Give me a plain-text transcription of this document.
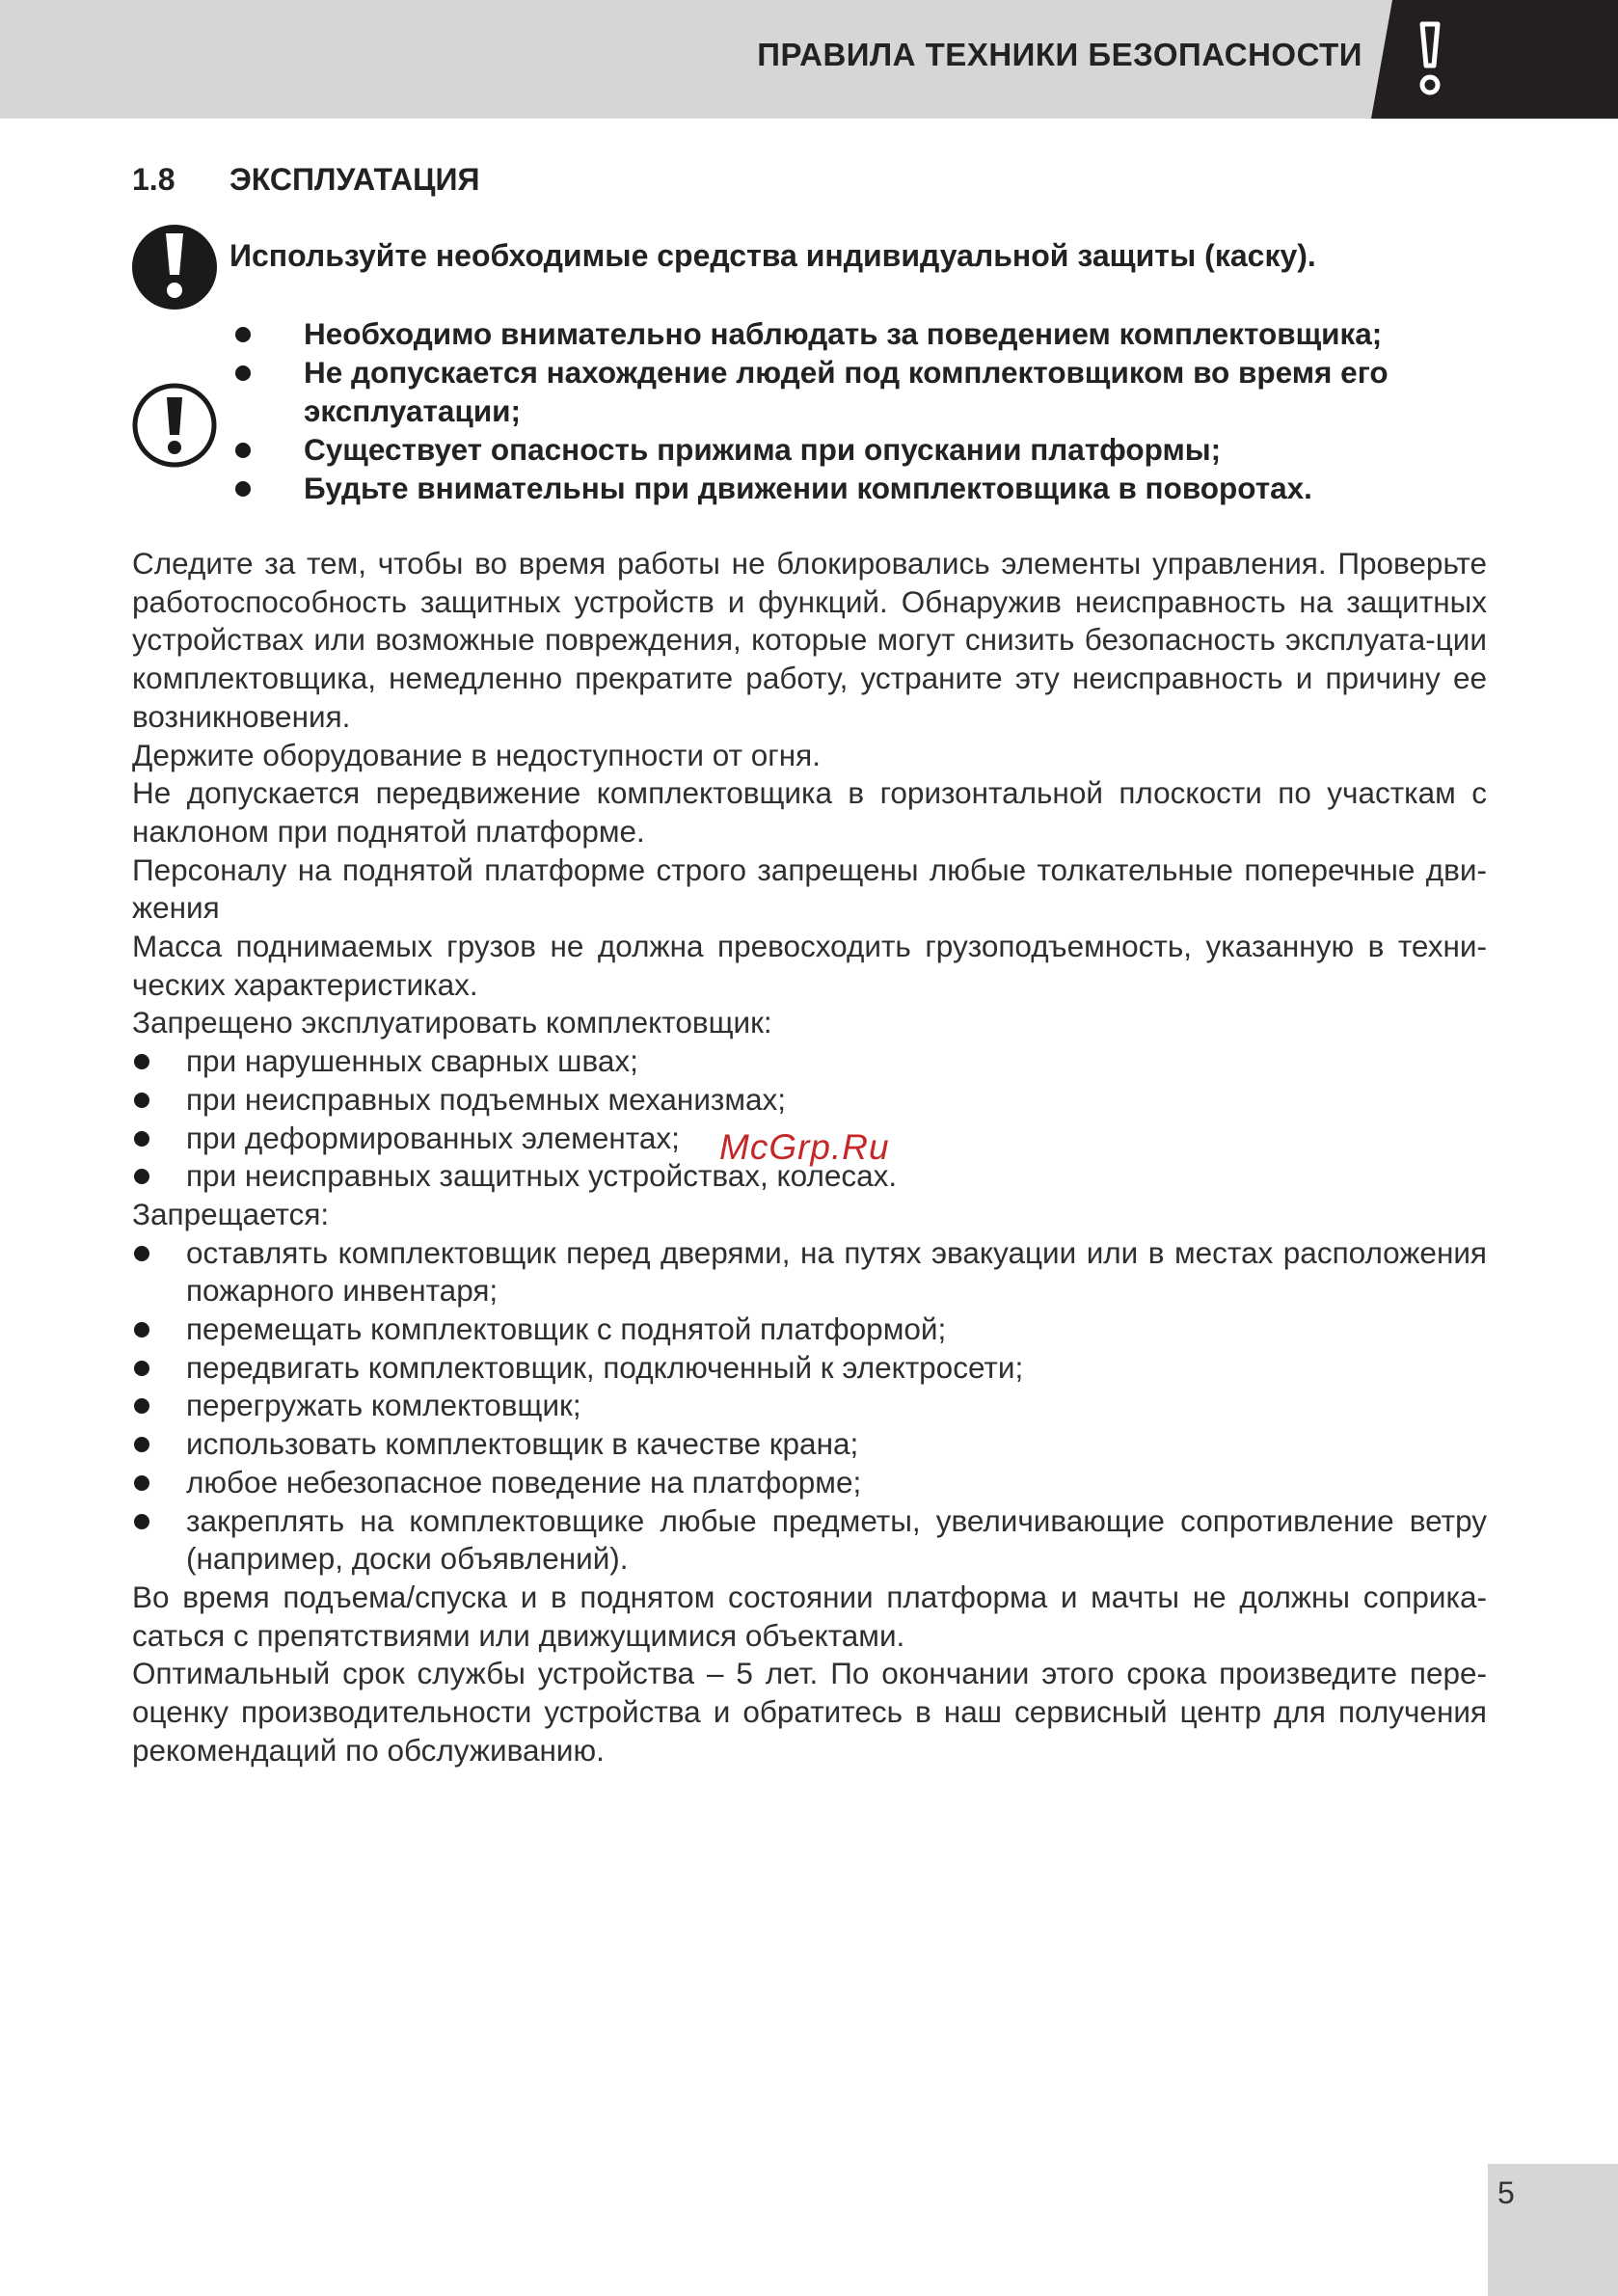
ПРАВИЛА ТЕХНИКИ БЕЗОПАСНОСТИ
1.8 ЭКСПЛУАТАЦИЯ
Используйте необходимые средства индивидуальной защиты (каску).
Необходимо внимательно наблюдать за поведением комплектовщика;
Не допускается нахождение людей под комплектовщиком во время его эксплуатации;
Существует опасность прижима при опускании платформы;
Будьте внимательны при движении комплектовщика в поворотах.

Следите за тем, чтобы во время работы не блокировались элементы управления. Проверьте работоспособность защитных устройств и функций. Обнаружив неисправность на защитных устройствах или возможные повреждения, которые могут снизить безопасность эксплуата-ции комплектовщика, немедленно прекратите работу, устраните эту неисправность и причину ее возникновения.

Держите оборудование в недоступности от огня.

Не допускается передвижение комплектовщика в горизонтальной плоскости по участкам с наклоном при поднятой платформе.

Персоналу на поднятой платформе строго запрещены любые толкательные поперечные дви-жения

Масса поднимаемых грузов не должна превосходить грузоподъемность, указанную в техни-ческих характеристиках.

Запрещено эксплуатировать комплектовщик:

при нарушенных сварных швах;
при неисправных подъемных механизмах;
при деформированных элементах;
при неисправных защитных устройствах, колесах.

Запрещается:

оставлять комплектовщик перед дверями, на путях эвакуации или в местах расположения пожарного инвентаря;
перемещать комплектовщик с поднятой платформой;
передвигать комплектовщик, подключенный к электросети;
перегружать комлектовщик;
использовать комплектовщик в качестве крана;
любое небезопасное поведение на платформе;
закреплять на комплектовщике любые предметы, увеличивающие сопротивление ветру (например, доски объявлений).

Во время подъема/спуска и в поднятом состоянии платформа и мачты не должны соприка-саться с препятствиями или движущимися объектами.

Оптимальный срок службы устройства – 5 лет. По окончании этого срока произведите пере-оценку производительности устройства и обратитесь в наш сервисный центр для получения рекомендаций по обслуживанию.

McGrp.Ru
5
